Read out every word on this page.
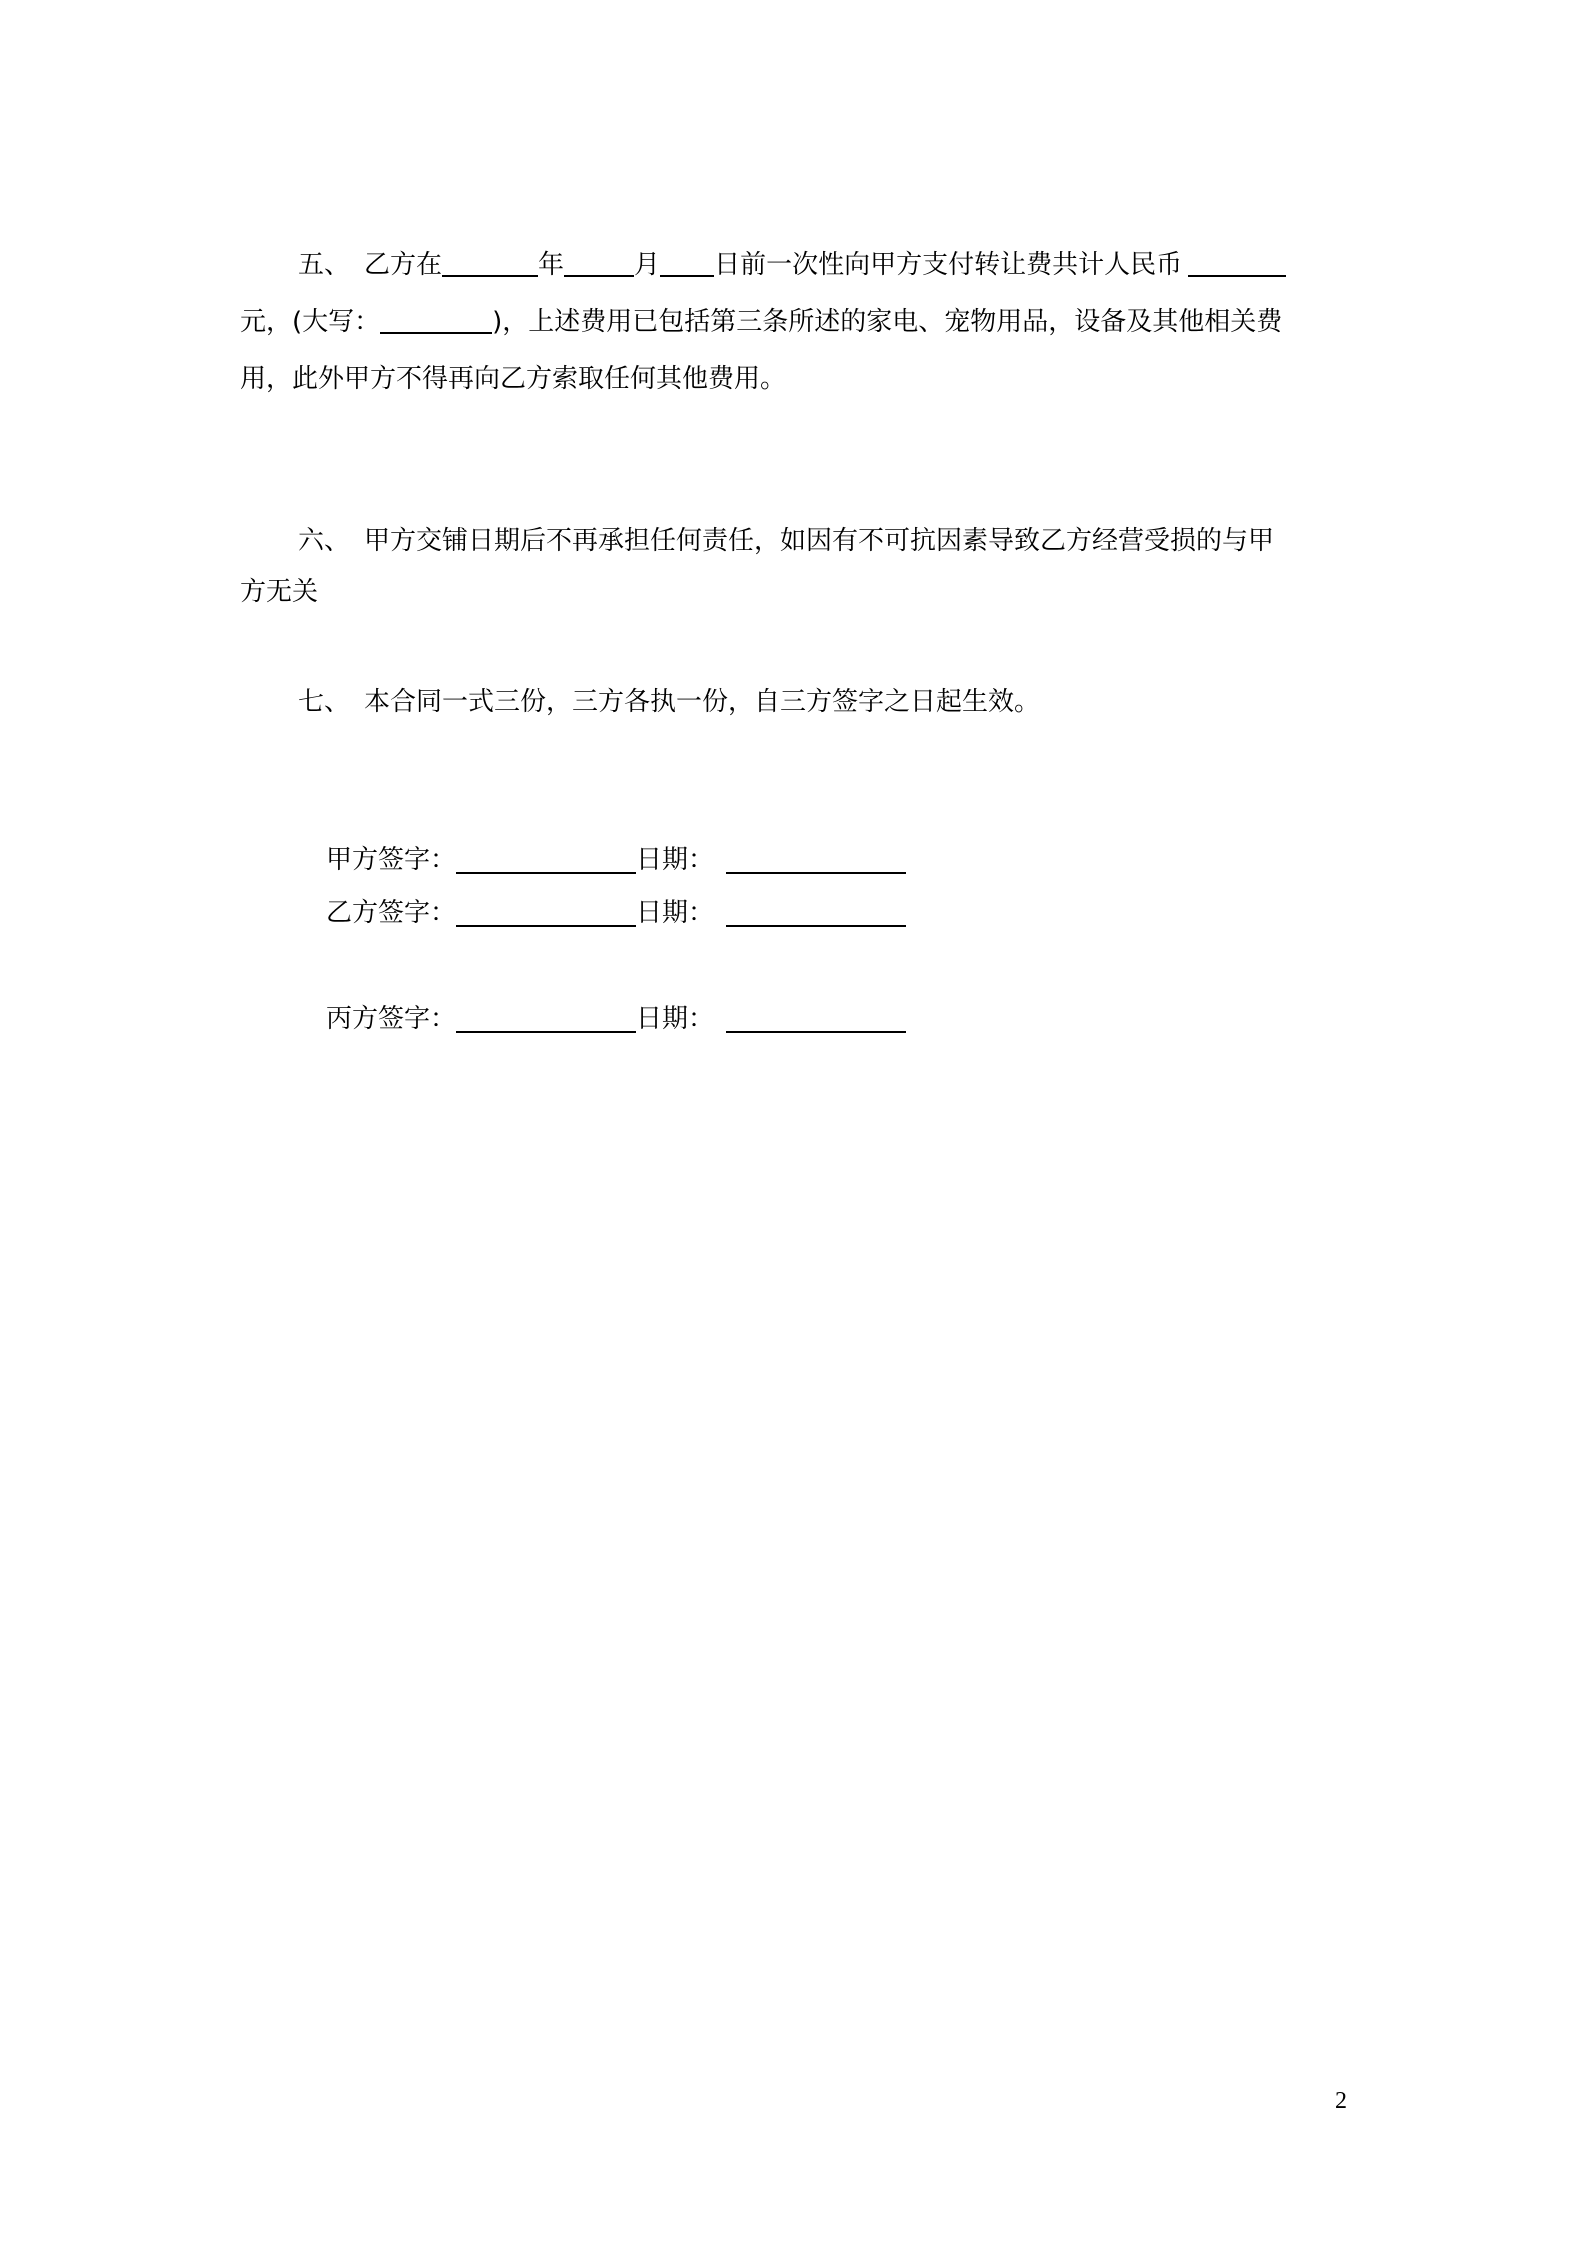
五、 乙方在	年	月 日前一次性向甲方支付转让费共计人民币
元，(大写：	)，上述费用已包括第三条所述的家电、宠物用品，设备及其他相关费
用，此外甲方不得再向乙方索取任何其他费用。
六、 甲方交铺日期后不再承担任何责任，如因有不可抗因素导致乙方经营受损的与甲
方无关
七、 本合同一式三份，三方各执一份，自三方签字之日起生效。
甲方签字：	日期：
乙方签字：	日期：
丙方签字：	日期：
2
